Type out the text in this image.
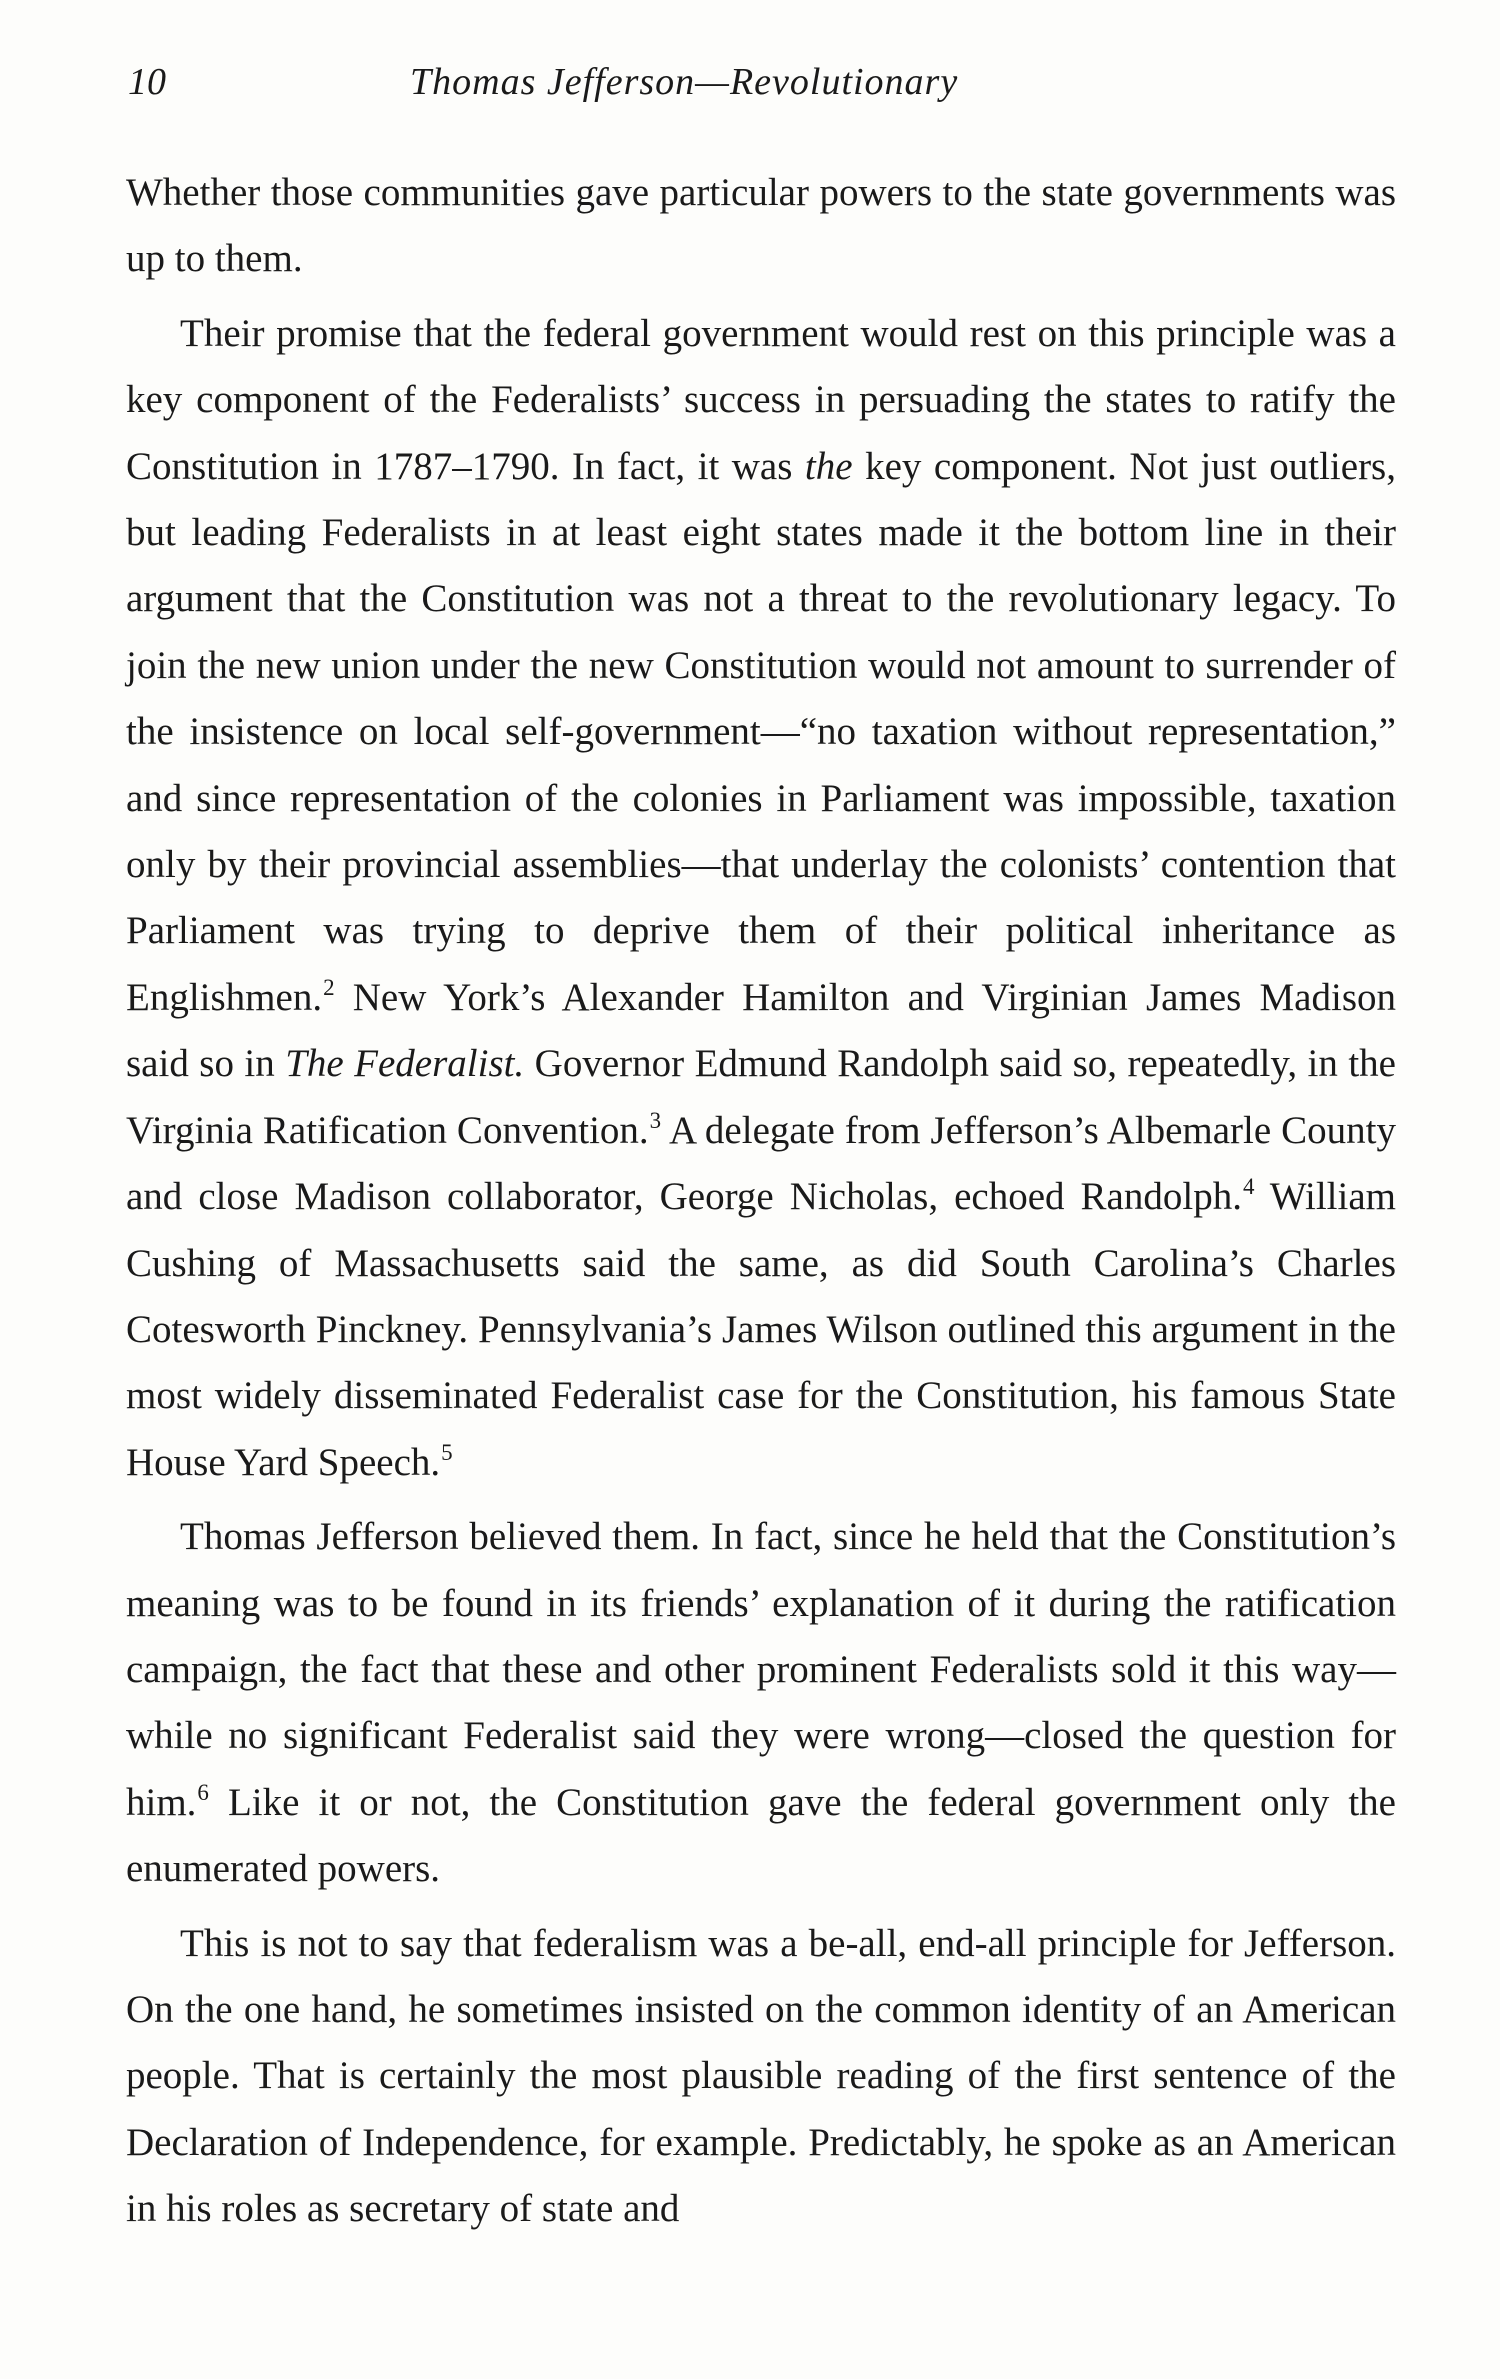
10	Thomas Jefferson—Revolutionary

Whether those communities gave particular powers to the state governments was up to them.

Their promise that the federal government would rest on this principle was a key component of the Federalists’ success in persuading the states to ratify the Constitution in 1787–1790. In fact, it was the key component. Not just outliers, but leading Federalists in at least eight states made it the bottom line in their argument that the Constitution was not a threat to the revolutionary legacy. To join the new union under the new Constitution would not amount to surrender of the insistence on local self-government—“no taxation without representation,” and since representation of the colonies in Parliament was impossible, taxation only by their provincial assemblies—that underlay the colonists’ contention that Parliament was trying to deprive them of their political inheritance as Englishmen.$^2$ New York’s Alexander Hamilton and Virginian James Madison said so in The Federalist. Governor Edmund Randolph said so, repeatedly, in the Virginia Ratification Convention.$^3$ A delegate from Jefferson’s Albemarle County and close Madison collaborator, George Nicholas, echoed Randolph.$^4$ William Cushing of Massachusetts said the same, as did South Carolina’s Charles Cotesworth Pinckney. Pennsylvania’s James Wilson outlined this argument in the most widely disseminated Federalist case for the Constitution, his famous State House Yard Speech.$^5$

Thomas Jefferson believed them. In fact, since he held that the Constitution’s meaning was to be found in its friends’ explanation of it during the ratification campaign, the fact that these and other prominent Federalists sold it this way—while no significant Federalist said they were wrong—closed the question for him.$^6$ Like it or not, the Constitution gave the federal government only the enumerated powers.

This is not to say that federalism was a be-all, end-all principle for Jefferson. On the one hand, he sometimes insisted on the common identity of an American people. That is certainly the most plausible reading of the first sentence of the Declaration of Independence, for example. Predictably, he spoke as an American in his roles as secretary of state and
